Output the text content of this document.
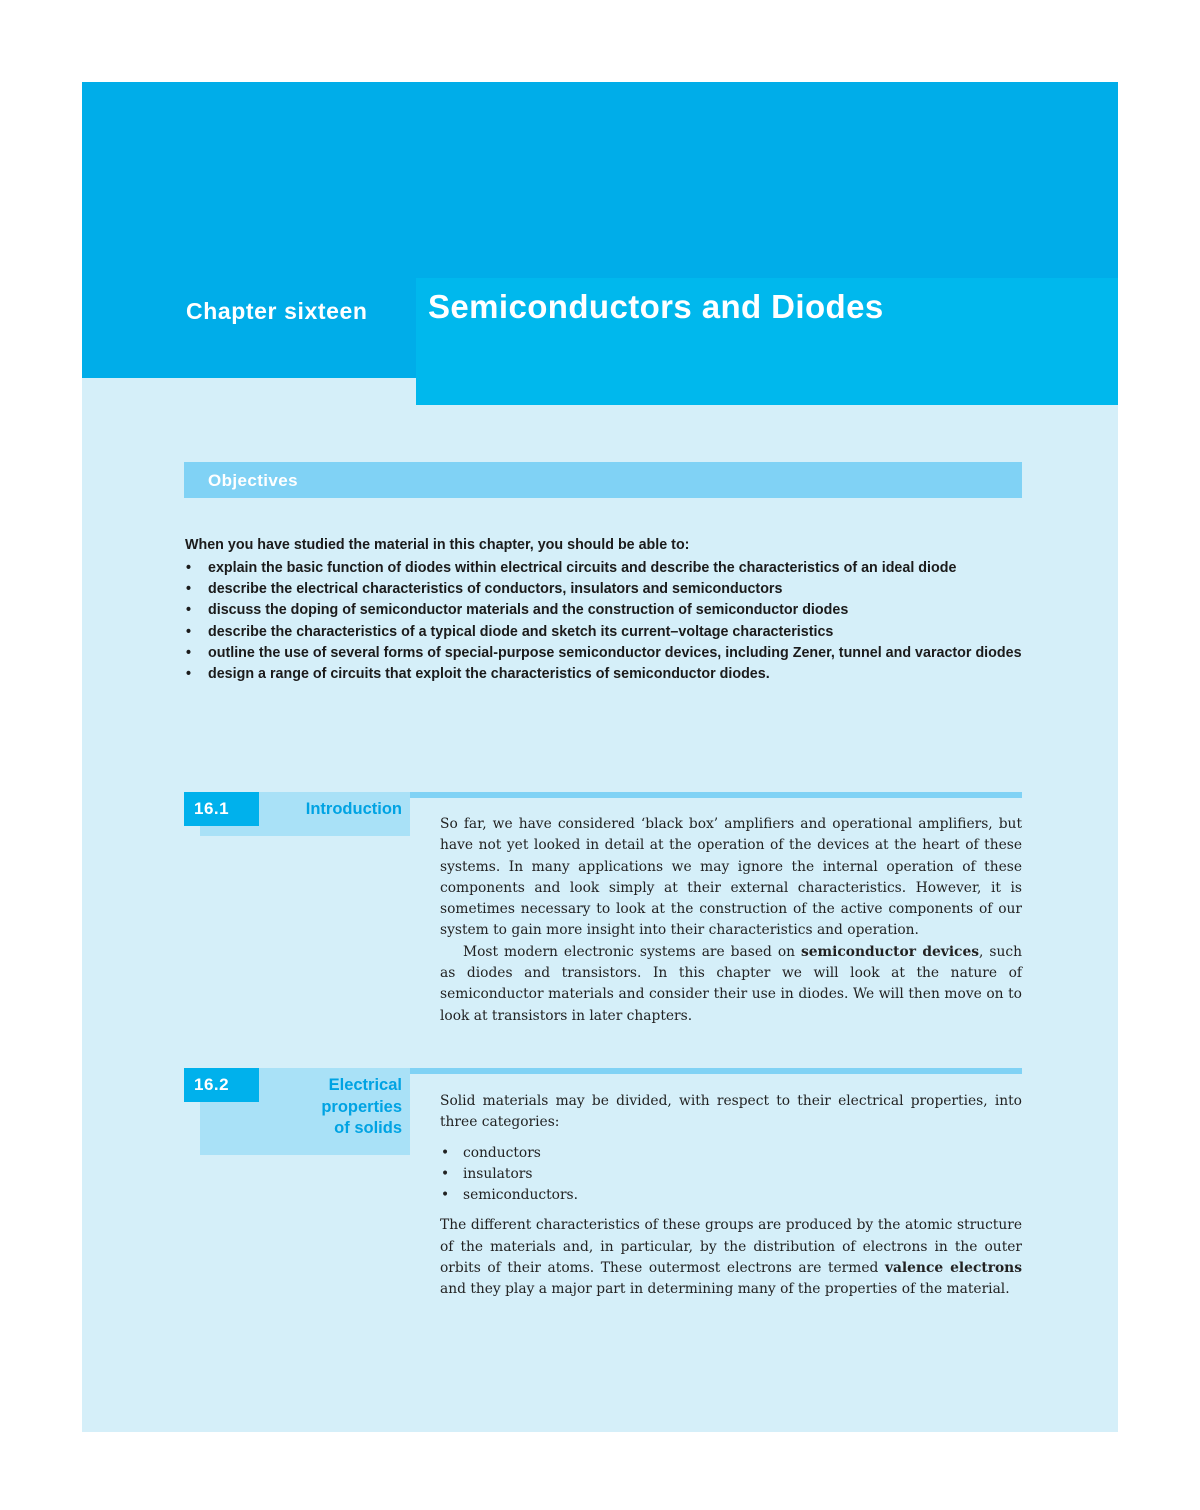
Chapter sixteen Semiconductors and Diodes
Objectives
When you have studied the material in this chapter, you should be able to:
• explain the basic function of diodes within electrical circuits and describe the characteristics of an ideal diode
• describe the electrical characteristics of conductors, insulators and semiconductors
• discuss the doping of semiconductor materials and the construction of semiconductor diodes
• describe the characteristics of a typical diode and sketch its current–voltage characteristics
• outline the use of several forms of special-purpose semiconductor devices, including Zener, tunnel and varactor diodes
• design a range of circuits that exploit the characteristics of semiconductor diodes.
16.1	Introduction

So far, we have considered ‘black box’ amplifiers and operational amplifiers, but have not yet looked in detail at the operation of the devices at the heart of these systems. In many applications we may ignore the internal operation of these components and look simply at their external characteristics. However, it is sometimes necessary to look at the construction of the active components of our system to gain more insight into their characteristics and operation.

Most modern electronic systems are based on semiconductor devices, such as diodes and transistors. In this chapter we will look at the nature of semiconductor materials and consider their use in diodes. We will then move on to look at transistors in later chapters.

16.2	Electrical
properties
of solids

Solid materials may be divided, with respect to their electrical properties, into three categories:

• conductors
• insulators
• semiconductors.

The different characteristics of these groups are produced by the atomic structure of the materials and, in particular, by the distribution of electrons in the outer orbits of their atoms. These outermost electrons are termed valence electrons and they play a major part in determining many of the properties of the material.
